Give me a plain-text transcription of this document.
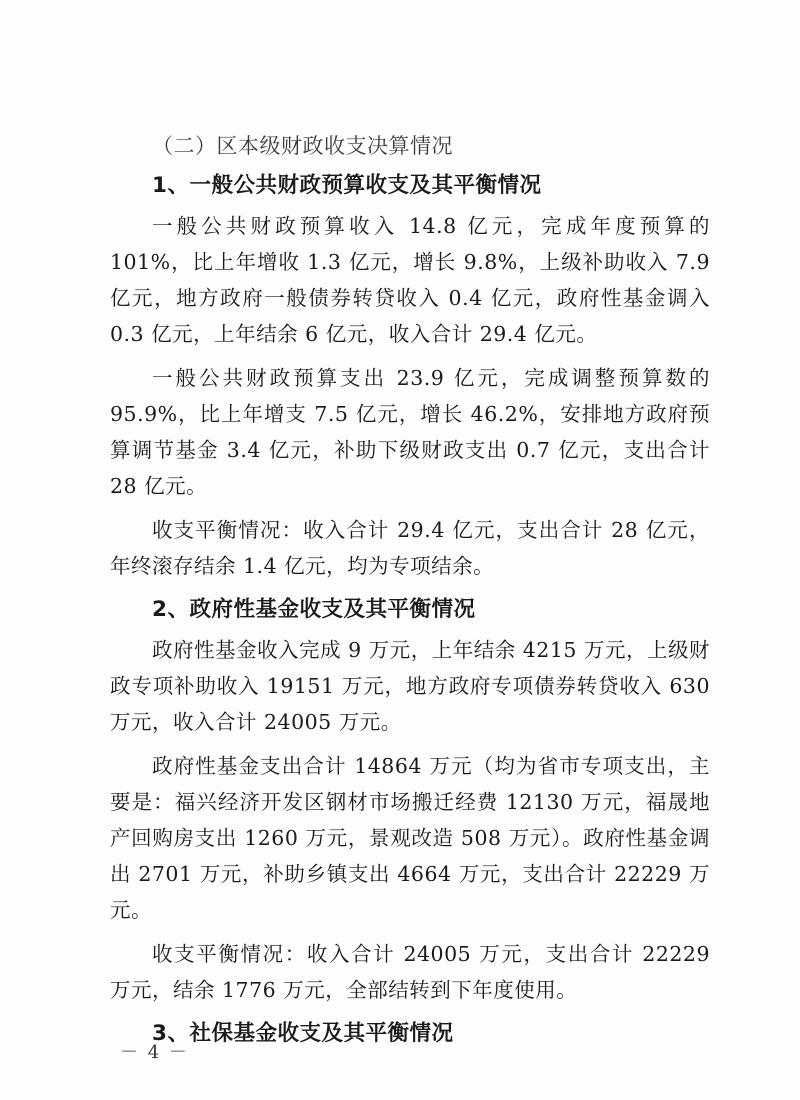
（二）区本级财政收支决算情况

1、一般公共财政预算收支及其平衡情况

一般公共财政预算收入 14.8 亿元，完成年度预算的 101%，比上年增收 1.3 亿元，增长 9.8%，上级补助收入 7.9 亿元，地方政府一般债券转贷收入 0.4 亿元，政府性基金调入 0.3 亿元，上年结余 6 亿元，收入合计 29.4 亿元。

一般公共财政预算支出 23.9 亿元，完成调整预算数的 95.9%，比上年增支 7.5 亿元，增长 46.2%，安排地方政府预算调节基金 3.4 亿元，补助下级财政支出 0.7 亿元，支出合计 28 亿元。

收支平衡情况：收入合计 29.4 亿元，支出合计 28 亿元，年终滚存结余 1.4 亿元，均为专项结余。

2、政府性基金收支及其平衡情况

政府性基金收入完成 9 万元，上年结余 4215 万元，上级财政专项补助收入 19151 万元，地方政府专项债券转贷收入 630 万元，收入合计 24005 万元。

政府性基金支出合计 14864 万元（均为省市专项支出，主要是：福兴经济开发区钢材市场搬迁经费 12130 万元，福晟地产回购房支出 1260 万元，景观改造 508 万元）。政府性基金调出 2701 万元，补助乡镇支出 4664 万元，支出合计 22229 万元。

收支平衡情况：收入合计 24005 万元，支出合计 22229 万元，结余 1776 万元，全部结转到下年度使用。

3、社保基金收支及其平衡情况

－ 4 －
